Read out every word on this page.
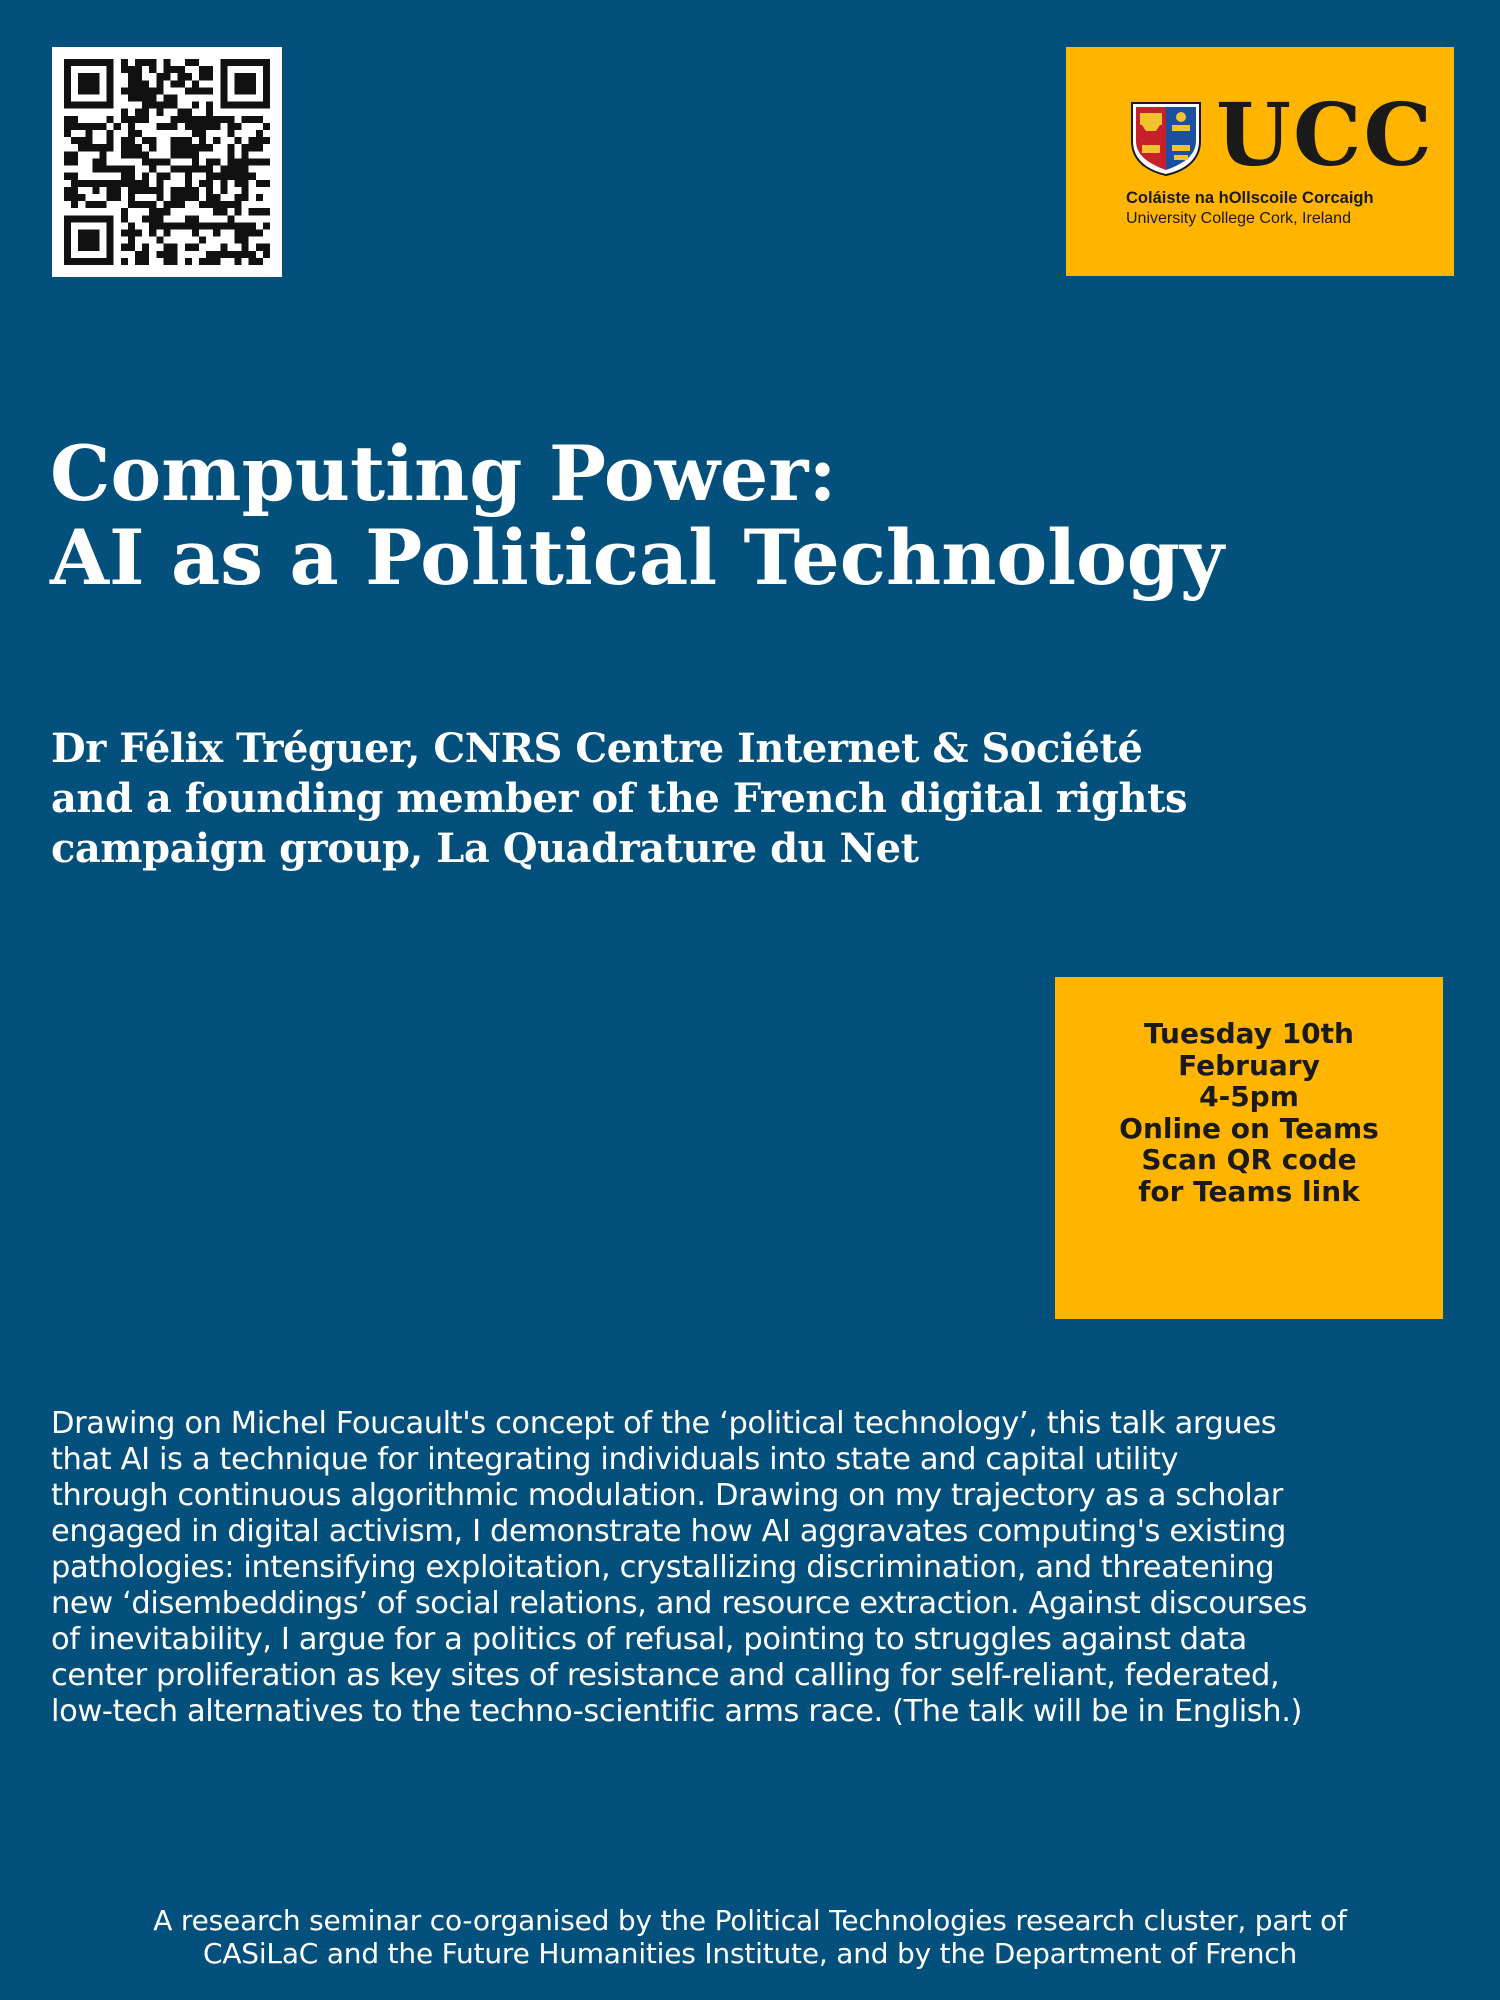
UCC
Coláiste na hOllscoile Corcaigh
University College Cork, Ireland
Computing Power:
AI as a Political Technology
Dr Félix Tréguer, CNRS Centre Internet & Société
and a founding member of the French digital rights
campaign group, La Quadrature du Net
Tuesday 10th
February
4-5pm
Online on Teams
Scan QR code
for Teams link
Drawing on Michel Foucault's concept of the ‘political technology’, this talk argues
that AI is a technique for integrating individuals into state and capital utility
through continuous algorithmic modulation. Drawing on my trajectory as a scholar
engaged in digital activism, I demonstrate how AI aggravates computing's existing
pathologies: intensifying exploitation, crystallizing discrimination, and threatening
new ‘disembeddings’ of social relations, and resource extraction. Against discourses
of inevitability, I argue for a politics of refusal, pointing to struggles against data
center proliferation as key sites of resistance and calling for self-reliant, federated,
low-tech alternatives to the techno-scientific arms race. (The talk will be in English.)
A research seminar co-organised by the Political Technologies research cluster, part of
CASiLaC and the Future Humanities Institute, and by the Department of French
